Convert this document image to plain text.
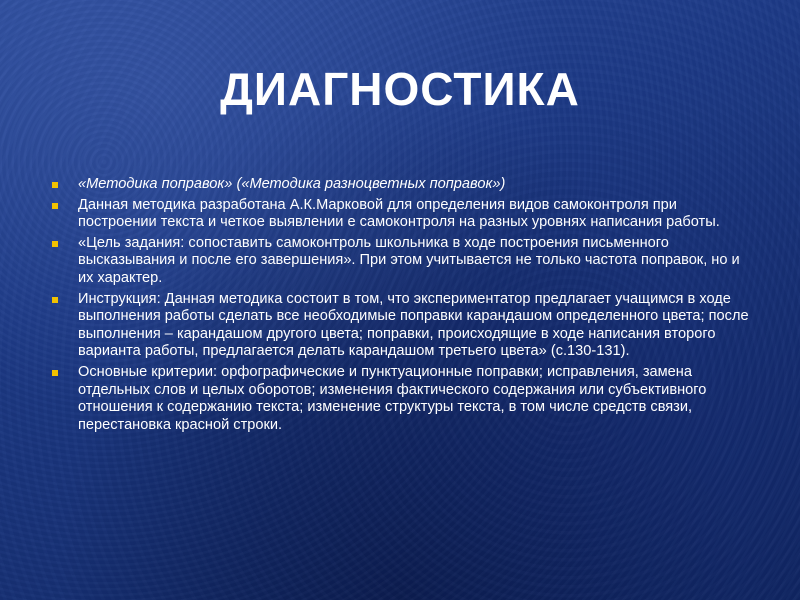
ДИАГНОСТИКА
«Методика поправок» («Методика разноцветных поправок»)
Данная методика разработана А.К.Марковой для определения видов самоконтроля при построении текста и четкое выявлении е самоконтроля на разных уровнях написания работы.
«Цель задания: сопоставить самоконтроль школьника в ходе построения письменного высказывания и после его завершения». При этом учитывается не только частота поправок, но и их характер.
Инструкция: Данная методика состоит в том, что экспериментатор предлагает учащимся в ходе выполнения работы сделать все необходимые поправки карандашом определенного цвета; после выполнения – карандашом другого цвета; поправки, происходящие в ходе написания второго варианта работы, предлагается делать карандашом третьего цвета» (с.130-131).
Основные критерии: орфографические и пунктуационные поправки; исправления, замена отдельных слов и целых оборотов; изменения фактического содержания или субъективного отношения к содержанию текста; изменение структуры текста, в том числе средств связи, перестановка красной строки.
